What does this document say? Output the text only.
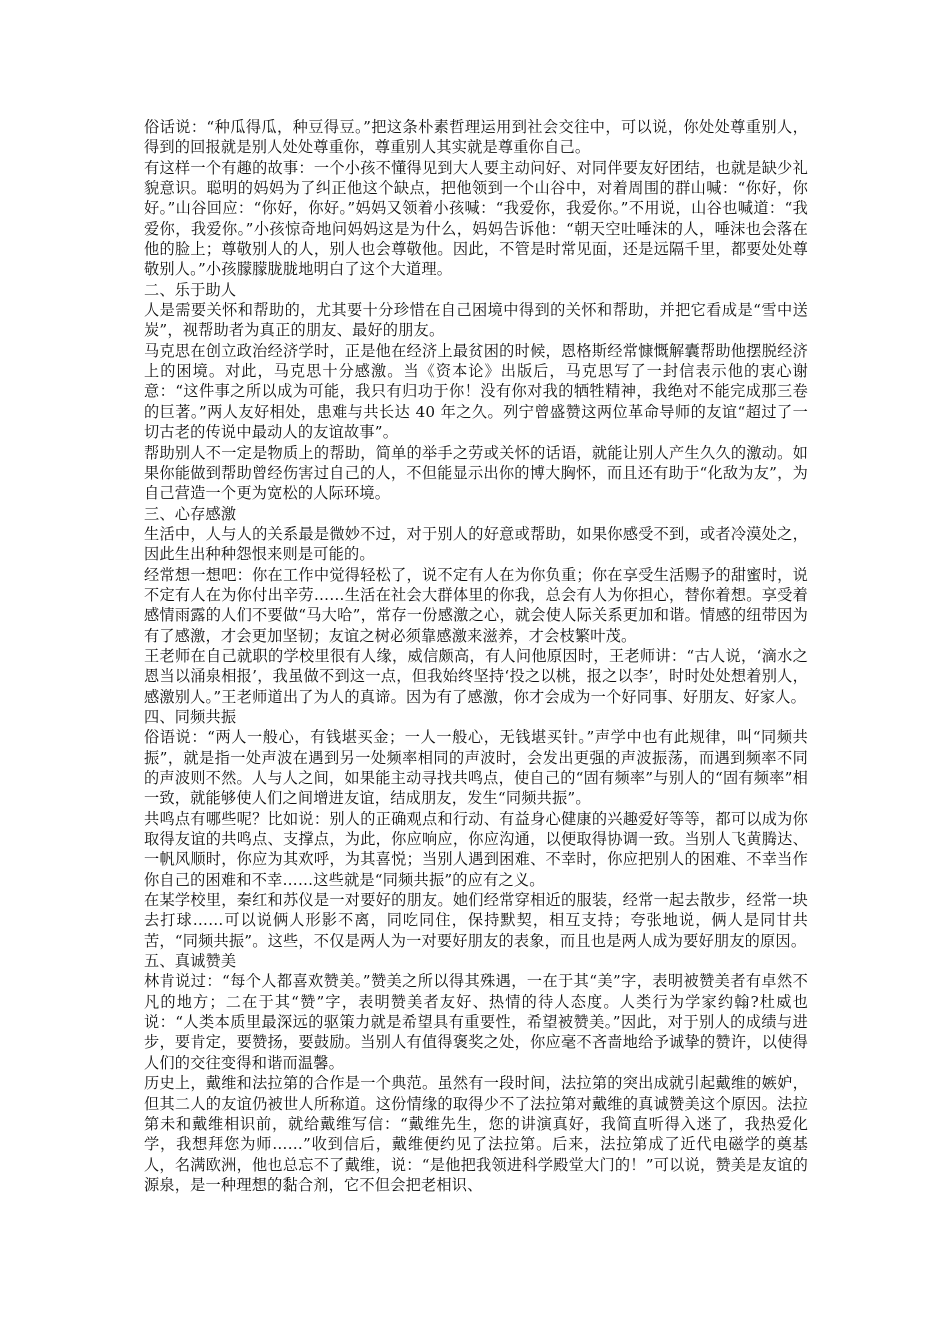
俗话说：“种瓜得瓜，种豆得豆。”把这条朴素哲理运用到社会交往中，可以说，你处处尊重别人，得到的回报就是别人处处尊重你，尊重别人其实就是尊重你自己。

有这样一个有趣的故事：一个小孩不懂得见到大人要主动问好、对同伴要友好团结，也就是缺少礼貌意识。聪明的妈妈为了纠正他这个缺点，把他领到一个山谷中，对着周围的群山喊：“你好，你好。”山谷回应：“你好，你好。”妈妈又领着小孩喊：“我爱你，我爱你。”不用说，山谷也喊道：“我爱你，我爱你。”小孩惊奇地问妈妈这是为什么，妈妈告诉他：“朝天空吐唾沫的人，唾沫也会落在他的脸上；尊敬别人的人，别人也会尊敬他。因此，不管是时常见面，还是远隔千里，都要处处尊敬别人。”小孩朦朦胧胧地明白了这个大道理。

二、乐于助人

人是需要关怀和帮助的，尤其要十分珍惜在自己困境中得到的关怀和帮助，并把它看成是“雪中送炭”，视帮助者为真正的朋友、最好的朋友。

马克思在创立政治经济学时，正是他在经济上最贫困的时候，恩格斯经常慷慨解囊帮助他摆脱经济上的困境。对此，马克思十分感激。当《资本论》出版后，马克思写了一封信表示他的衷心谢意：“这件事之所以成为可能，我只有归功于你！没有你对我的牺牲精神，我绝对不能完成那三卷的巨著。”两人友好相处，患难与共长达 40 年之久。列宁曾盛赞这两位革命导师的友谊“超过了一切古老的传说中最动人的友谊故事”。

帮助别人不一定是物质上的帮助，简单的举手之劳或关怀的话语，就能让别人产生久久的激动。如果你能做到帮助曾经伤害过自己的人，不但能显示出你的博大胸怀，而且还有助于“化敌为友”，为自己营造一个更为宽松的人际环境。

三、心存感激

生活中，人与人的关系最是微妙不过，对于别人的好意或帮助，如果你感受不到，或者冷漠处之，因此生出种种怨恨来则是可能的。

经常想一想吧：你在工作中觉得轻松了，说不定有人在为你负重；你在享受生活赐予的甜蜜时，说不定有人在为你付出辛劳……生活在社会大群体里的你我，总会有人为你担心，替你着想。享受着感情雨露的人们不要做“马大哈”，常存一份感激之心，就会使人际关系更加和谐。情感的纽带因为有了感激，才会更加坚韧；友谊之树必须靠感激来滋养，才会枝繁叶茂。

王老师在自己就职的学校里很有人缘，威信颇高，有人问他原因时，王老师讲：“古人说，‘滴水之恩当以涌泉相报’，我虽做不到这一点，但我始终坚持‘投之以桃，报之以李’，时时处处想着别人，感激别人。”王老师道出了为人的真谛。因为有了感激，你才会成为一个好同事、好朋友、好家人。

四、同频共振

俗语说：“两人一般心，有钱堪买金；一人一般心，无钱堪买针。”声学中也有此规律，叫“同频共振”，就是指一处声波在遇到另一处频率相同的声波时，会发出更强的声波振荡，而遇到频率不同的声波则不然。人与人之间，如果能主动寻找共鸣点，使自己的“固有频率”与别人的“固有频率”相一致，就能够使人们之间增进友谊，结成朋友，发生“同频共振”。

共鸣点有哪些呢？比如说：别人的正确观点和行动、有益身心健康的兴趣爱好等等，都可以成为你取得友谊的共鸣点、支撑点，为此，你应响应，你应沟通，以便取得协调一致。当别人飞黄腾达、一帆风顺时，你应为其欢呼，为其喜悦；当别人遇到困难、不幸时，你应把别人的困难、不幸当作你自己的困难和不幸……这些就是“同频共振”的应有之义。

在某学校里，秦红和苏仪是一对要好的朋友。她们经常穿相近的服装，经常一起去散步，经常一块去打球……可以说俩人形影不离，同吃同住，保持默契，相互支持；夸张地说，俩人是同甘共苦，“同频共振”。这些，不仅是两人为一对要好朋友的表象，而且也是两人成为要好朋友的原因。

五、真诚赞美

林肯说过：“每个人都喜欢赞美。”赞美之所以得其殊遇，一在于其“美”字，表明被赞美者有卓然不凡的地方；二在于其“赞”字，表明赞美者友好、热情的待人态度。人类行为学家约翰?杜威也说：“人类本质里最深远的驱策力就是希望具有重要性，希望被赞美。”因此，对于别人的成绩与进步，要肯定，要赞扬，要鼓励。当别人有值得褒奖之处，你应毫不吝啬地给予诚挚的赞许，以使得人们的交往变得和谐而温馨。

历史上，戴维和法拉第的合作是一个典范。虽然有一段时间，法拉第的突出成就引起戴维的嫉妒，但其二人的友谊仍被世人所称道。这份情缘的取得少不了法拉第对戴维的真诚赞美这个原因。法拉第未和戴维相识前，就给戴维写信：“戴维先生，您的讲演真好，我简直听得入迷了，我热爱化学，我想拜您为师……”收到信后，戴维便约见了法拉第。后来，法拉第成了近代电磁学的奠基人，名满欧洲，他也总忘不了戴维，说：“是他把我领进科学殿堂大门的！”可以说，赞美是友谊的源泉，是一种理想的黏合剂，它不但会把老相识、
